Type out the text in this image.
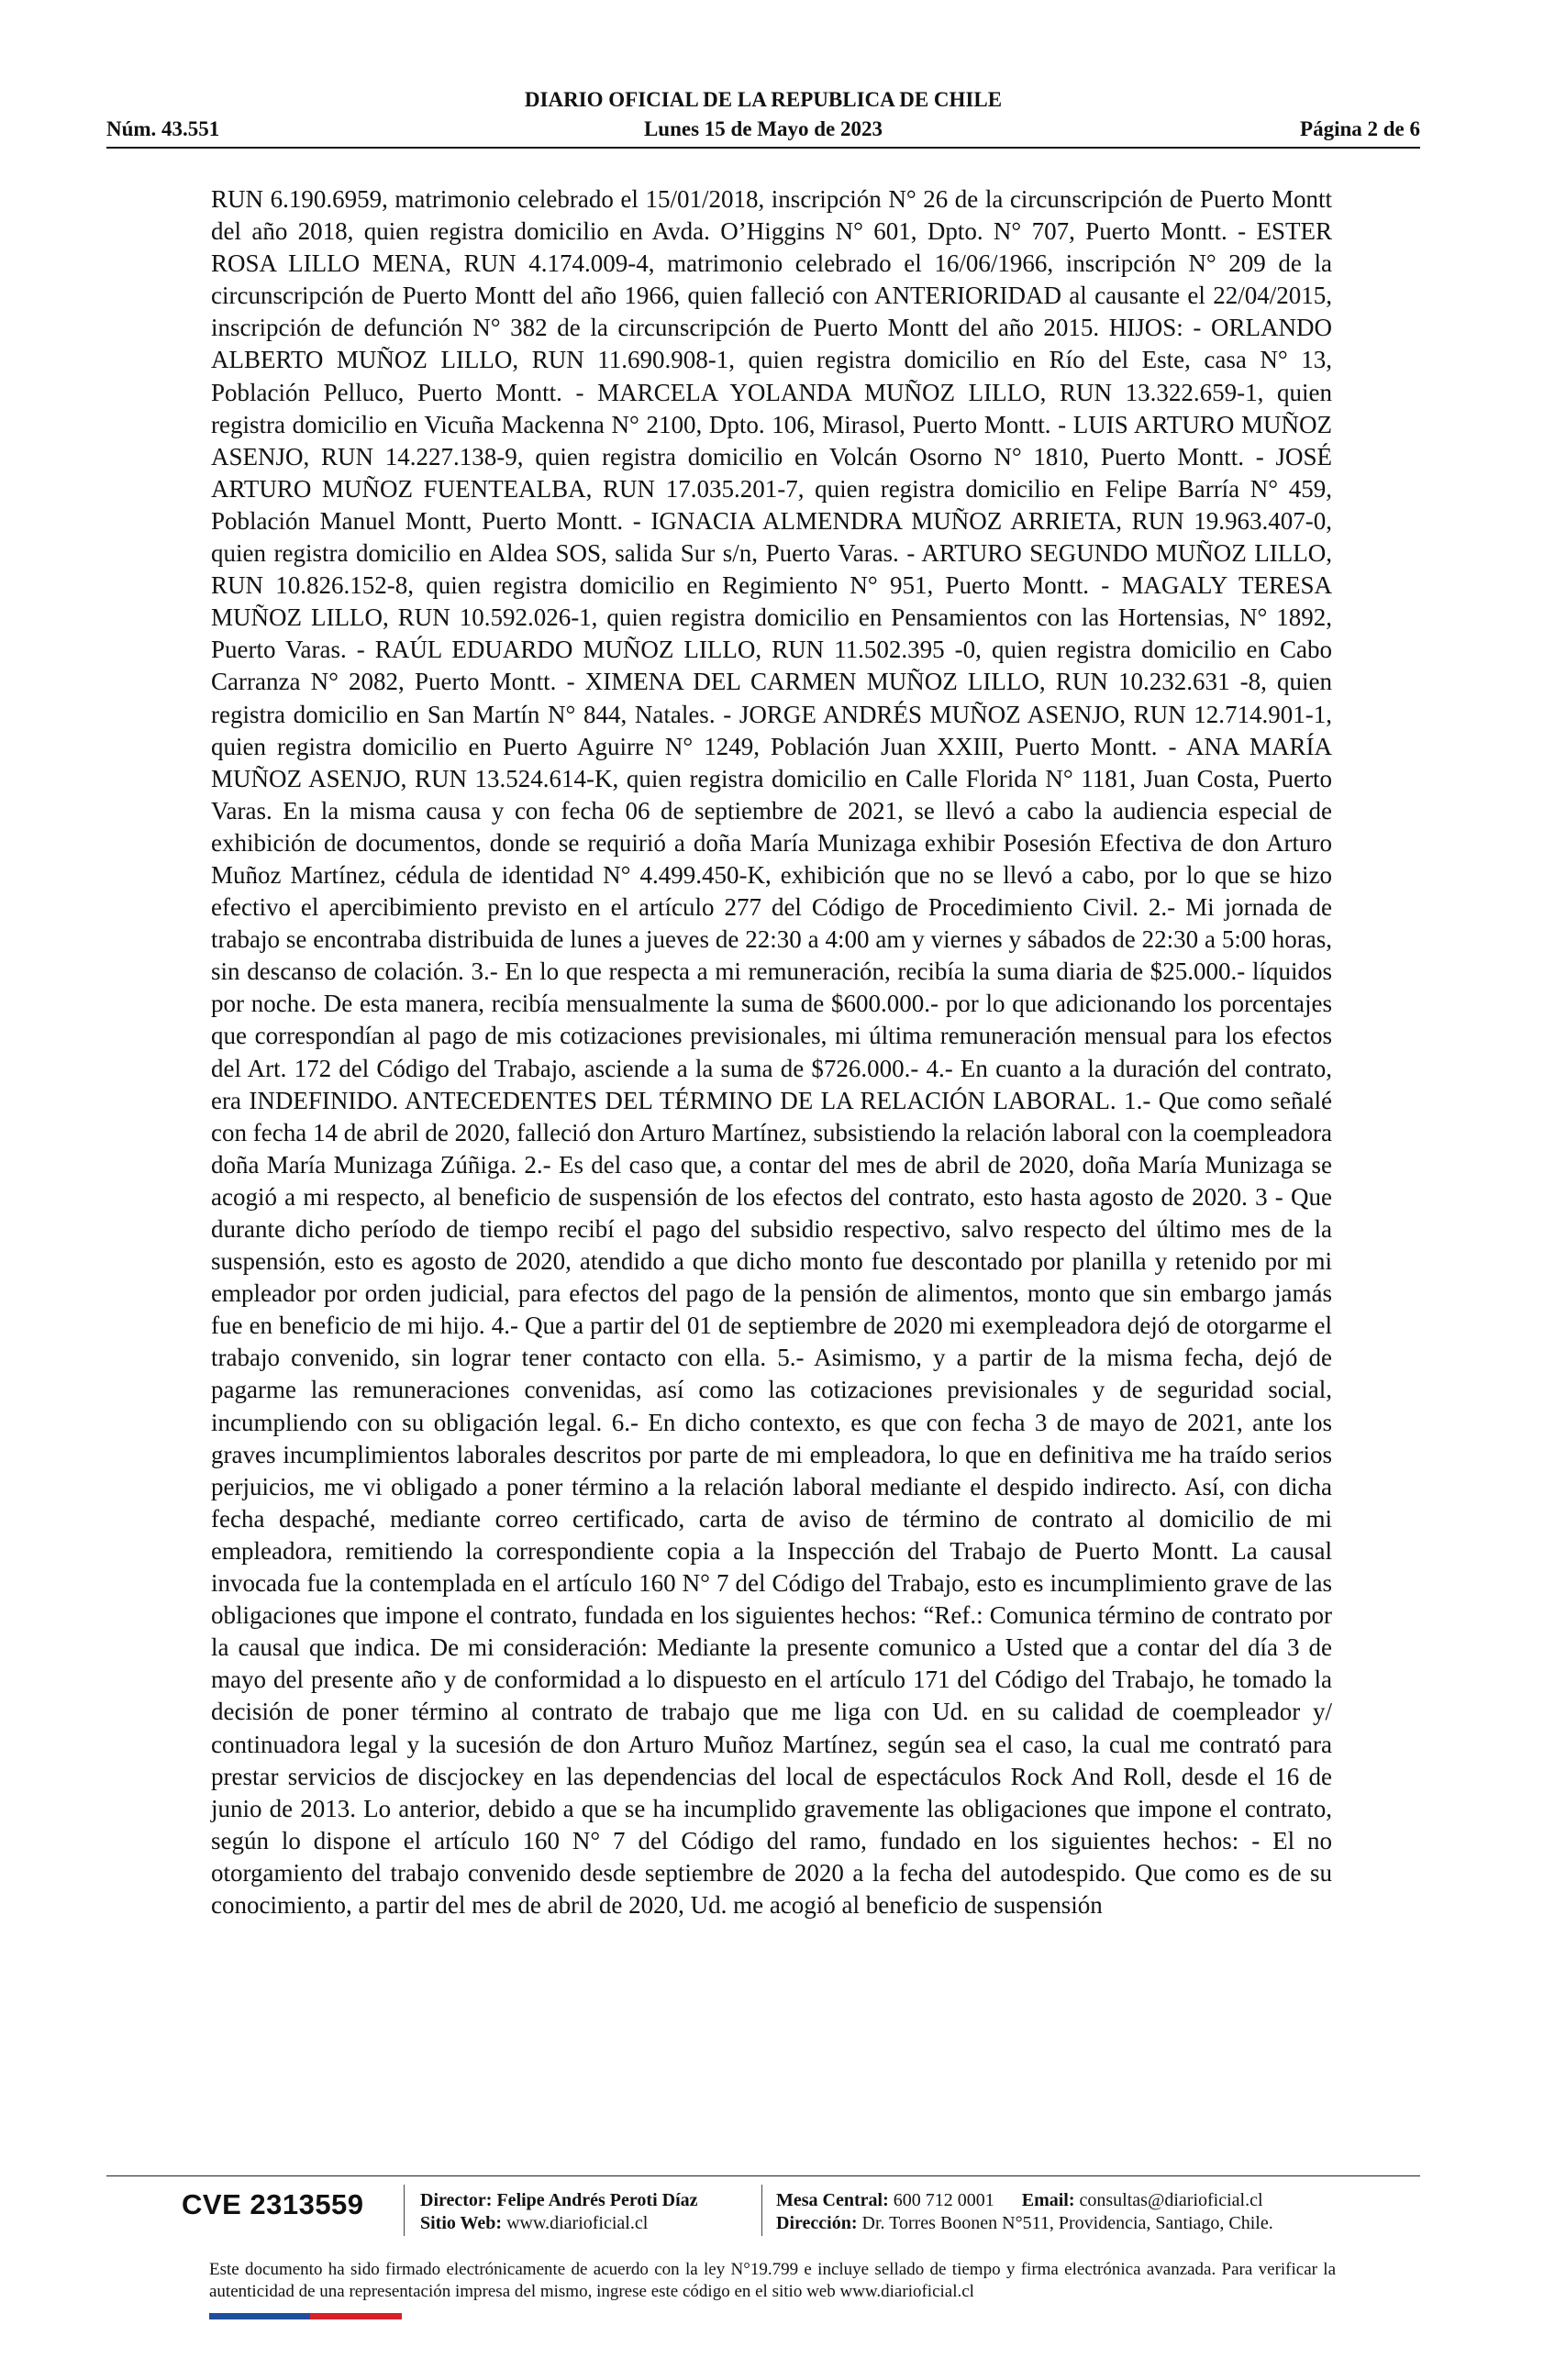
DIARIO OFICIAL DE LA REPUBLICA DE CHILE
Núm. 43.551	Lunes 15 de Mayo de 2023	Página 2 de 6

RUN 6.190.6959, matrimonio celebrado el 15/01/2018, inscripción N° 26 de la circunscripción de Puerto Montt del año 2018, quien registra domicilio en Avda. O’Higgins N° 601, Dpto. N° 707, Puerto Montt. - ESTER ROSA LILLO MENA, RUN 4.174.009-4, matrimonio celebrado el 16/06/1966, inscripción N° 209 de la circunscripción de Puerto Montt del año 1966, quien falleció con ANTERIORIDAD al causante el 22/04/2015, inscripción de defunción N° 382 de la circunscripción de Puerto Montt del año 2015. HIJOS: - ORLANDO ALBERTO MUÑOZ LILLO, RUN 11.690.908-1, quien registra domicilio en Río del Este, casa N° 13, Población Pelluco, Puerto Montt. - MARCELA YOLANDA MUÑOZ LILLO, RUN 13.322.659-1, quien registra domicilio en Vicuña Mackenna N° 2100, Dpto. 106, Mirasol, Puerto Montt. - LUIS ARTURO MUÑOZ ASENJO, RUN 14.227.138-9, quien registra domicilio en Volcán Osorno N° 1810, Puerto Montt. - JOSÉ ARTURO MUÑOZ FUENTEALBA, RUN 17.035.201-7, quien registra domicilio en Felipe Barría N° 459, Población Manuel Montt, Puerto Montt. - IGNACIA ALMENDRA MUÑOZ ARRIETA, RUN 19.963.407-0, quien registra domicilio en Aldea SOS, salida Sur s/n, Puerto Varas. - ARTURO SEGUNDO MUÑOZ LILLO, RUN 10.826.152-8, quien registra domicilio en Regimiento N° 951, Puerto Montt. - MAGALY TERESA MUÑOZ LILLO, RUN 10.592.026-1, quien registra domicilio en Pensamientos con las Hortensias, N° 1892, Puerto Varas. - RAÚL EDUARDO MUÑOZ LILLO, RUN 11.502.395 -0, quien registra domicilio en Cabo Carranza N° 2082, Puerto Montt. - XIMENA DEL CARMEN MUÑOZ LILLO, RUN 10.232.631 -8, quien registra domicilio en San Martín N° 844, Natales. - JORGE ANDRÉS MUÑOZ ASENJO, RUN 12.714.901-1, quien registra domicilio en Puerto Aguirre N° 1249, Población Juan XXIII, Puerto Montt. - ANA MARÍA MUÑOZ ASENJO, RUN 13.524.614-K, quien registra domicilio en Calle Florida N° 1181, Juan Costa, Puerto Varas. En la misma causa y con fecha 06 de septiembre de 2021, se llevó a cabo la audiencia especial de exhibición de documentos, donde se requirió a doña María Munizaga exhibir Posesión Efectiva de don Arturo Muñoz Martínez, cédula de identidad N° 4.499.450-K, exhibición que no se llevó a cabo, por lo que se hizo efectivo el apercibimiento previsto en el artículo 277 del Código de Procedimiento Civil. 2.- Mi jornada de trabajo se encontraba distribuida de lunes a jueves de 22:30 a 4:00 am y viernes y sábados de 22:30 a 5:00 horas, sin descanso de colación. 3.- En lo que respecta a mi remuneración, recibía la suma diaria de $25.000.- líquidos por noche. De esta manera, recibía mensualmente la suma de $600.000.- por lo que adicionando los porcentajes que correspondían al pago de mis cotizaciones previsionales, mi última remuneración mensual para los efectos del Art. 172 del Código del Trabajo, asciende a la suma de $726.000.- 4.- En cuanto a la duración del contrato, era INDEFINIDO. ANTECEDENTES DEL TÉRMINO DE LA RELACIÓN LABORAL. 1.- Que como señalé con fecha 14 de abril de 2020, falleció don Arturo Martínez, subsistiendo la relación laboral con la coempleadora doña María Munizaga Zúñiga. 2.- Es del caso que, a contar del mes de abril de 2020, doña María Munizaga se acogió a mi respecto, al beneficio de suspensión de los efectos del contrato, esto hasta agosto de 2020. 3 - Que durante dicho período de tiempo recibí el pago del subsidio respectivo, salvo respecto del último mes de la suspensión, esto es agosto de 2020, atendido a que dicho monto fue descontado por planilla y retenido por mi empleador por orden judicial, para efectos del pago de la pensión de alimentos, monto que sin embargo jamás fue en beneficio de mi hijo. 4.- Que a partir del 01 de septiembre de 2020 mi exempleadora dejó de otorgarme el trabajo convenido, sin lograr tener contacto con ella. 5.- Asimismo, y a partir de la misma fecha, dejó de pagarme las remuneraciones convenidas, así como las cotizaciones previsionales y de seguridad social, incumpliendo con su obligación legal. 6.- En dicho contexto, es que con fecha 3 de mayo de 2021, ante los graves incumplimientos laborales descritos por parte de mi empleadora, lo que en definitiva me ha traído serios perjuicios, me vi obligado a poner término a la relación laboral mediante el despido indirecto. Así, con dicha fecha despaché, mediante correo certificado, carta de aviso de término de contrato al domicilio de mi empleadora, remitiendo la correspondiente copia a la Inspección del Trabajo de Puerto Montt. La causal invocada fue la contemplada en el artículo 160 N° 7 del Código del Trabajo, esto es incumplimiento grave de las obligaciones que impone el contrato, fundada en los siguientes hechos: “Ref.: Comunica término de contrato por la causal que indica. De mi consideración: Mediante la presente comunico a Usted que a contar del día 3 de mayo del presente año y de conformidad a lo dispuesto en el artículo 171 del Código del Trabajo, he tomado la decisión de poner término al contrato de trabajo que me liga con Ud. en su calidad de coempleador y/ continuadora legal y la sucesión de don Arturo Muñoz Martínez, según sea el caso, la cual me contrató para prestar servicios de discjockey en las dependencias del local de espectáculos Rock And Roll, desde el 16 de junio de 2013. Lo anterior, debido a que se ha incumplido gravemente las obligaciones que impone el contrato, según lo dispone el artículo 160 N° 7 del Código del ramo, fundado en los siguientes hechos: - El no otorgamiento del trabajo convenido desde septiembre de 2020 a la fecha del autodespido. Que como es de su conocimiento, a partir del mes de abril de 2020, Ud. me acogió al beneficio de suspensión

CVE 2313559	Director: Felipe Andrés Peroti Díaz
Sitio Web: www.diarioficial.cl
Mesa Central: 600 712 0001 Email: consultas@diarioficial.cl
Dirección: Dr. Torres Boonen N°511, Providencia, Santiago, Chile.
Este documento ha sido firmado electrónicamente de acuerdo con la ley N°19.799 e incluye sellado de tiempo y firma electrónica avanzada. Para verificar la autenticidad de una representación impresa del mismo, ingrese este código en el sitio web www.diarioficial.cl
